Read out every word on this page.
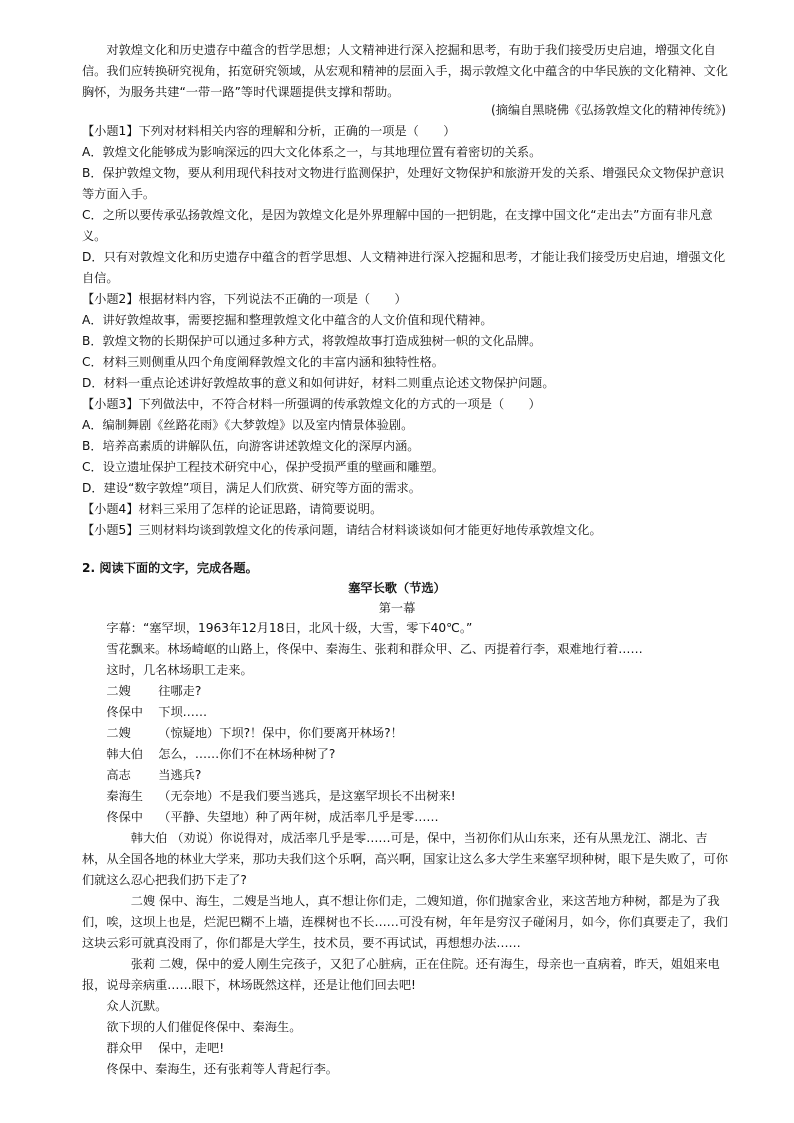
对敦煌文化和历史遗存中蕴含的哲学思想；人文精神进行深入挖掘和思考，有助于我们接受历史启迪，增强文化自信。我们应转换研究视角，拓宽研究领域，从宏观和精神的层面入手，揭示敦煌文化中蕴含的中华民族的文化精神、文化胸怀，为服务共建“一带一路”等时代课题提供支撑和帮助。

(摘编自黑晓佛《弘扬敦煌文化的精神传统》)

【小题1】下列对材料相关内容的理解和分析，正确的一项是（　　）

A．敦煌文化能够成为影响深远的四大文化体系之一，与其地理位置有着密切的关系。

B．保护敦煌文物，要从利用现代科技对文物进行监测保护，处理好文物保护和旅游开发的关系、增强民众文物保护意识等方面入手。

C．之所以要传承弘扬敦煌文化，是因为敦煌文化是外界理解中国的一把钥匙，在支撑中国文化“走出去”方面有非凡意义。

D．只有对敦煌文化和历史遗存中蕴含的哲学思想、人文精神进行深入挖掘和思考，才能让我们接受历史启迪，增强文化自信。

【小题2】根据材料内容，下列说法不正确的一项是（　　）

A．讲好敦煌故事，需要挖掘和整理敦煌文化中蕴含的人文价值和现代精神。

B．敦煌文物的长期保护可以通过多种方式，将敦煌故事打造成独树一帜的文化品牌。

C．材料三则侧重从四个角度阐释敦煌文化的丰富内涵和独特性格。

D．材料一重点论述讲好敦煌故事的意义和如何讲好，材料二则重点论述文物保护问题。

【小题3】下列做法中，不符合材料一所强调的传承敦煌文化的方式的一项是（　　）

A．编制舞剧《丝路花雨》《大梦敦煌》以及室内情景体验剧。

B．培养高素质的讲解队伍，向游客讲述敦煌文化的深厚内涵。

C．设立遗址保护工程技术研究中心，保护受损严重的壁画和雕塑。

D．建设“数字敦煌”项目，满足人们欣赏、研究等方面的需求。

【小题4】材料三采用了怎样的论证思路，请简要说明。

【小题5】三则材料均谈到敦煌文化的传承问题，请结合材料谈谈如何才能更好地传承敦煌文化。

2. 阅读下面的文字，完成各题。
塞罕长歌（节选）
第一幕

字幕：“塞罕坝，1963年12月18日，北风十级，大雪，零下40℃。”

雪花飘来。林场崎岖的山路上，佟保中、秦海生、张莉和群众甲、乙、丙提着行李，艰难地行着……

这时，几名林场职工走来。

二嫂 往哪走?

佟保中 下坝……

二嫂 （惊疑地）下坝?！保中，你们要离开林场?！

韩大伯 怎么，……你们不在林场种树了?

高志 当逃兵?

秦海生 （无奈地）不是我们要当逃兵，是这塞罕坝长不出树来!

佟保中 （平静、失望地）种了两年树，成活率几乎是零……

韩大伯 （劝说）你说得对，成活率几乎是零……可是，保中，当初你们从山东来，还有从黑龙江、湖北、吉林，从全国各地的林业大学来，那功夫我们这个乐啊，高兴啊，国家让这么多大学生来塞罕坝种树，眼下是失败了，可你们就这么忍心把我们扔下走了?

二嫂 保中、海生，二嫂是当地人，真不想让你们走，二嫂知道，你们抛家舍业，来这苦地方种树，都是为了我们，唉，这坝上也是，烂泥巴糊不上墙，连棵树也不长……可没有树，年年是穷汉子碰闲月，如今，你们真要走了，我们这块云彩可就真没雨了，你们都是大学生，技术员，要不再试试，再想想办法……

张莉 二嫂，保中的爱人刚生完孩子，又犯了心脏病，正在住院。还有海生，母亲也一直病着，昨天，姐姐来电报，说母亲病重……眼下，林场既然这样，还是让他们回去吧!

众人沉默。

欲下坝的人们催促佟保中、秦海生。

群众甲 保中，走吧!

佟保中、秦海生，还有张莉等人背起行李。
